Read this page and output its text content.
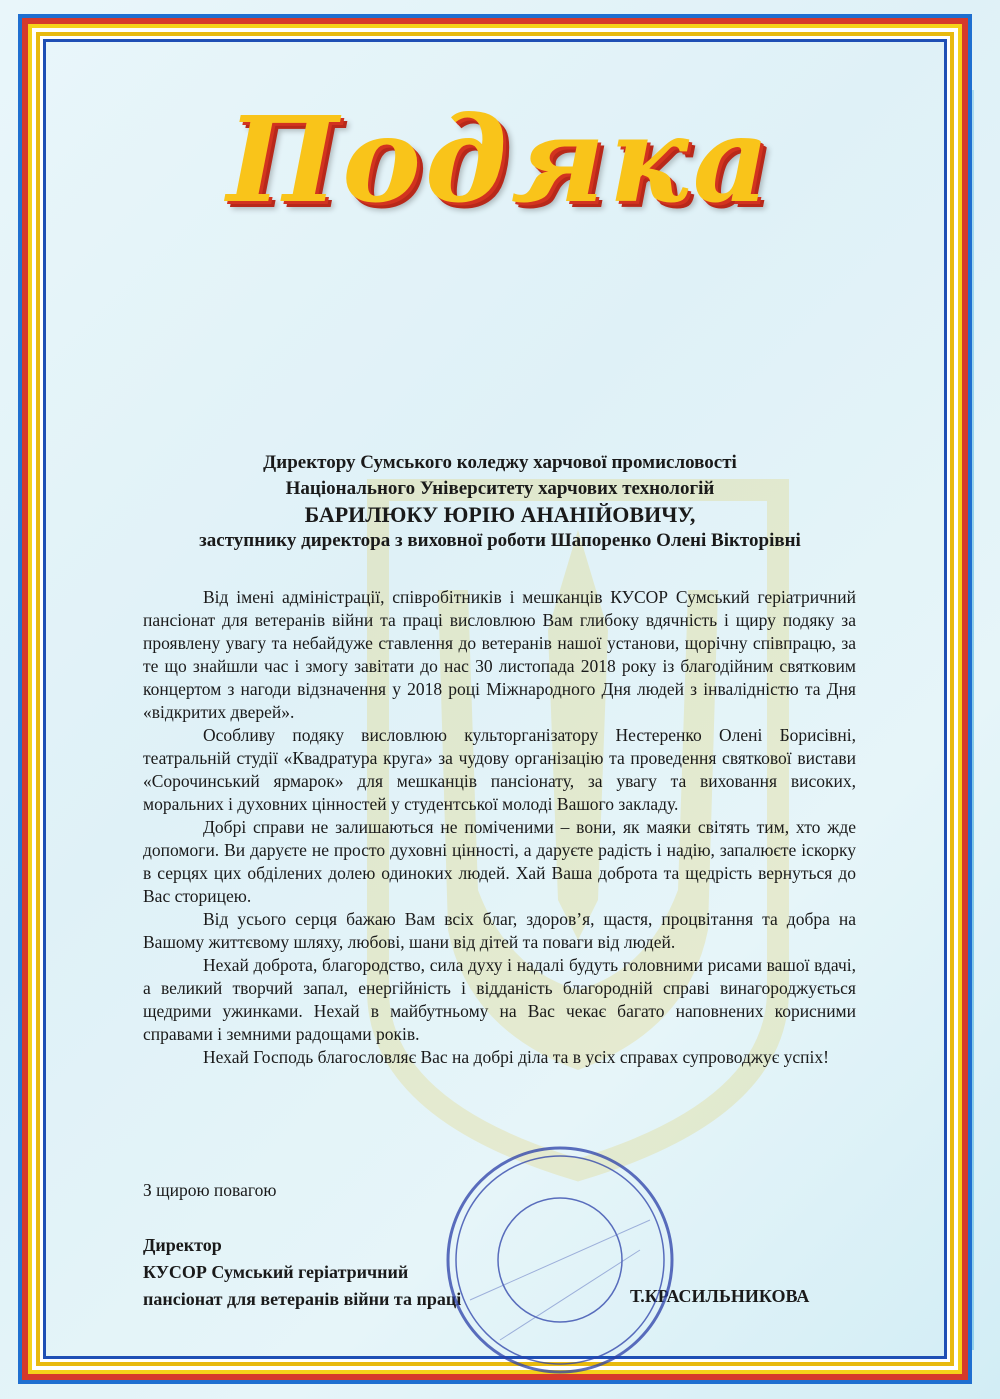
Подяка
Директору Сумського коледжу харчової промисловості
Національного Університету харчових технологій
БАРИЛЮКУ ЮРІЮ АНАНІЙОВИЧУ,
заступнику директора з виховної роботи Шапоренко Олені Вікторівні

Від імені адміністрації, співробітників і мешканців КУСОР Сумський геріатричний пансіонат для ветеранів війни та праці висловлюю Вам глибоку вдячність і щиру подяку за проявлену увагу та небайдуже ставлення до ветеранів нашої установи, щорічну співпрацю, за те що знайшли час і змогу завітати до нас 30 листопада 2018 року із благодійним святковим концертом з нагоди відзначення у 2018 році Міжнародного Дня людей з інвалідністю та Дня «відкритих дверей».

Особливу подяку висловлюю культорганізатору Нестеренко Олені Борисівні, театральній студії «Квадратура круга» за чудову організацію та проведення святкової вистави «Сорочинський ярмарок» для мешканців пансіонату, за увагу та виховання високих, моральних і духовних цінностей у студентської молоді Вашого закладу.

Добрі справи не залишаються не поміченими – вони, як маяки світять тим, хто жде допомоги. Ви даруєте не просто духовні цінності, а даруєте радість і надію, запалюєте іскорку в серцях цих обділених долею одиноких людей. Хай Ваша доброта та щедрість вернуться до Вас сторицею.

Від усього серця бажаю Вам всіх благ, здоров’я, щастя, процвітання та добра на Вашому життєвому шляху, любові, шани від дітей та поваги від людей.

Нехай доброта, благородство, сила духу і надалі будуть головними рисами вашої вдачі, а великий творчий запал, енергійність і відданість благородній справі винагороджується щедрими ужинками. Нехай в майбутньому на Вас чекає багато наповнених корисними справами і земними радощами років.

Нехай Господь благословляє Вас на добрі діла та в усіх справах супроводжує успіх!

З щирою повагою
Директор
КУСОР Сумський геріатричний
пансіонат для ветеранів війни та праці	Т.КРАСИЛЬНИКОВА
